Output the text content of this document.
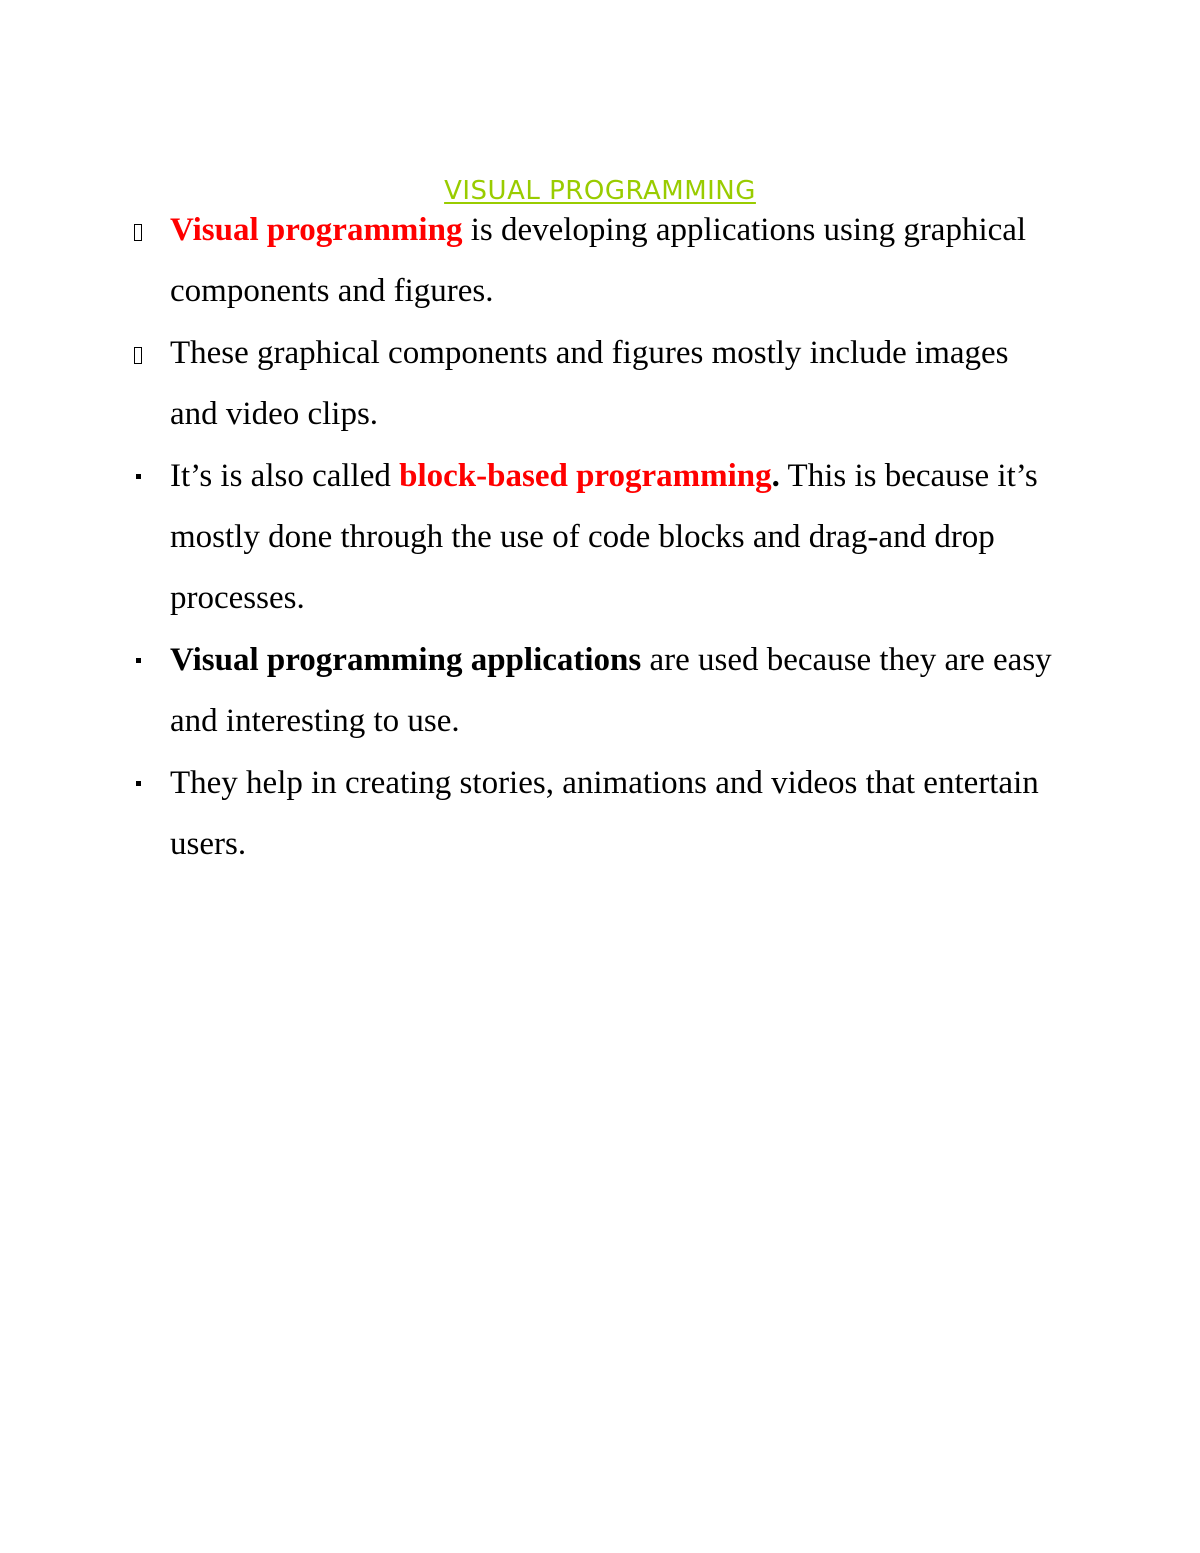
VISUAL PROGRAMMING
Visual programming is developing applications using graphical components and figures.
These graphical components and figures mostly include images and video clips.
It’s is also called block-based programming. This is because it’s mostly done through the use of code blocks and drag-and drop processes.
Visual programming applications are used because they are easy and interesting to use.
They help in creating stories, animations and videos that entertain users.
